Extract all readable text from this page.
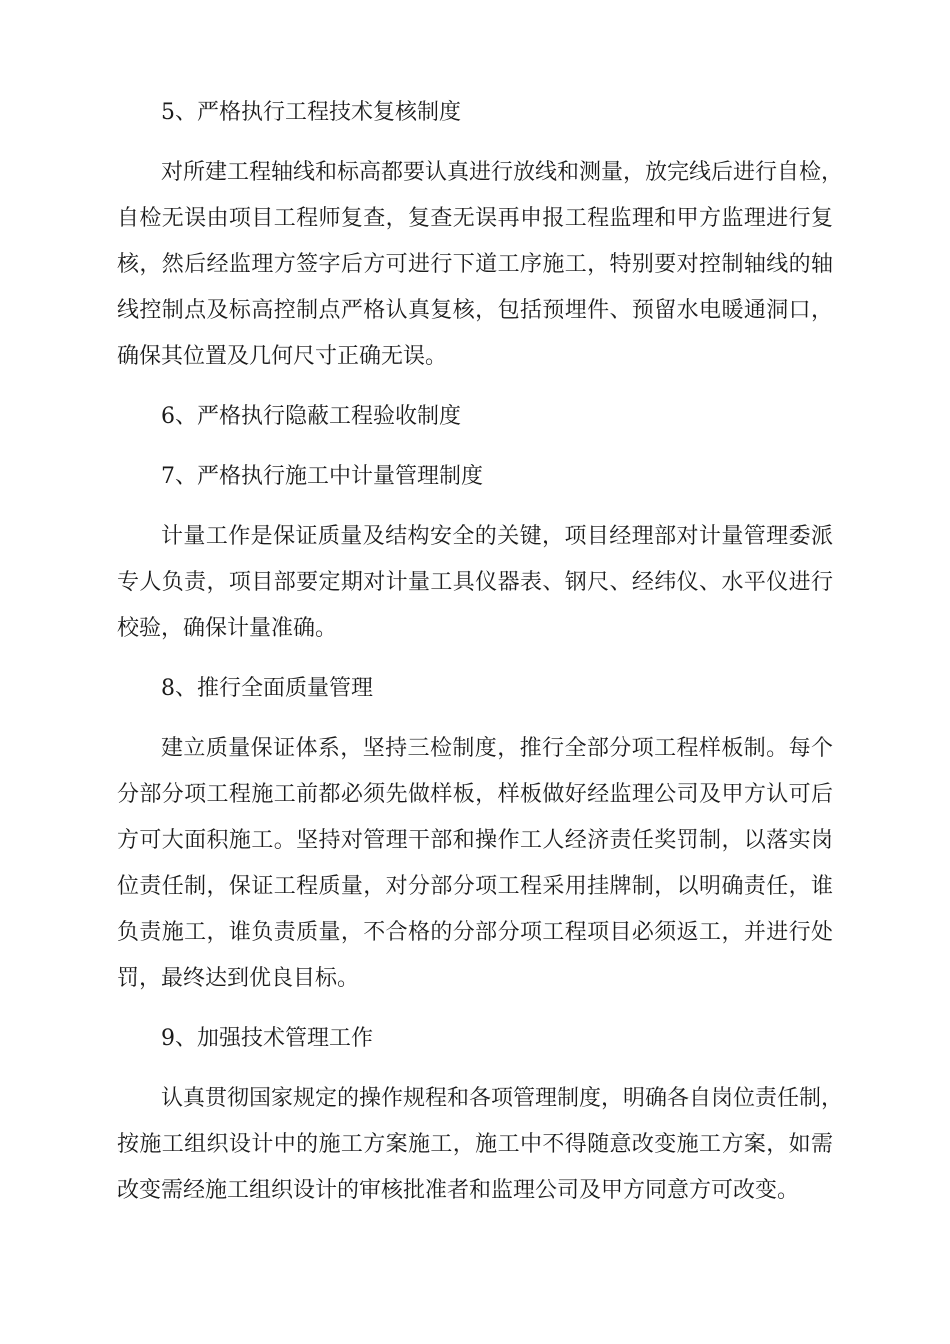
5、严格执行工程技术复核制度
对所建工程轴线和标高都要认真进行放线和测量，放完线后进行自检，
自检无误由项目工程师复查，复查无误再申报工程监理和甲方监理进行复
核，然后经监理方签字后方可进行下道工序施工，特别要对控制轴线的轴
线控制点及标高控制点严格认真复核，包括预埋件、预留水电暖通洞口，
确保其位置及几何尺寸正确无误。
6、严格执行隐蔽工程验收制度
7、严格执行施工中计量管理制度
计量工作是保证质量及结构安全的关键，项目经理部对计量管理委派
专人负责，项目部要定期对计量工具仪器表、钢尺、经纬仪、水平仪进行
校验，确保计量准确。
8、推行全面质量管理
建立质量保证体系，坚持三检制度，推行全部分项工程样板制。每个
分部分项工程施工前都必须先做样板，样板做好经监理公司及甲方认可后
方可大面积施工。坚持对管理干部和操作工人经济责任奖罚制，以落实岗
位责任制，保证工程质量，对分部分项工程采用挂牌制，以明确责任，谁
负责施工，谁负责质量，不合格的分部分项工程项目必须返工，并进行处
罚，最终达到优良目标。
9、加强技术管理工作
认真贯彻国家规定的操作规程和各项管理制度，明确各自岗位责任制，
按施工组织设计中的施工方案施工，施工中不得随意改变施工方案，如需
改变需经施工组织设计的审核批准者和监理公司及甲方同意方可改变。
